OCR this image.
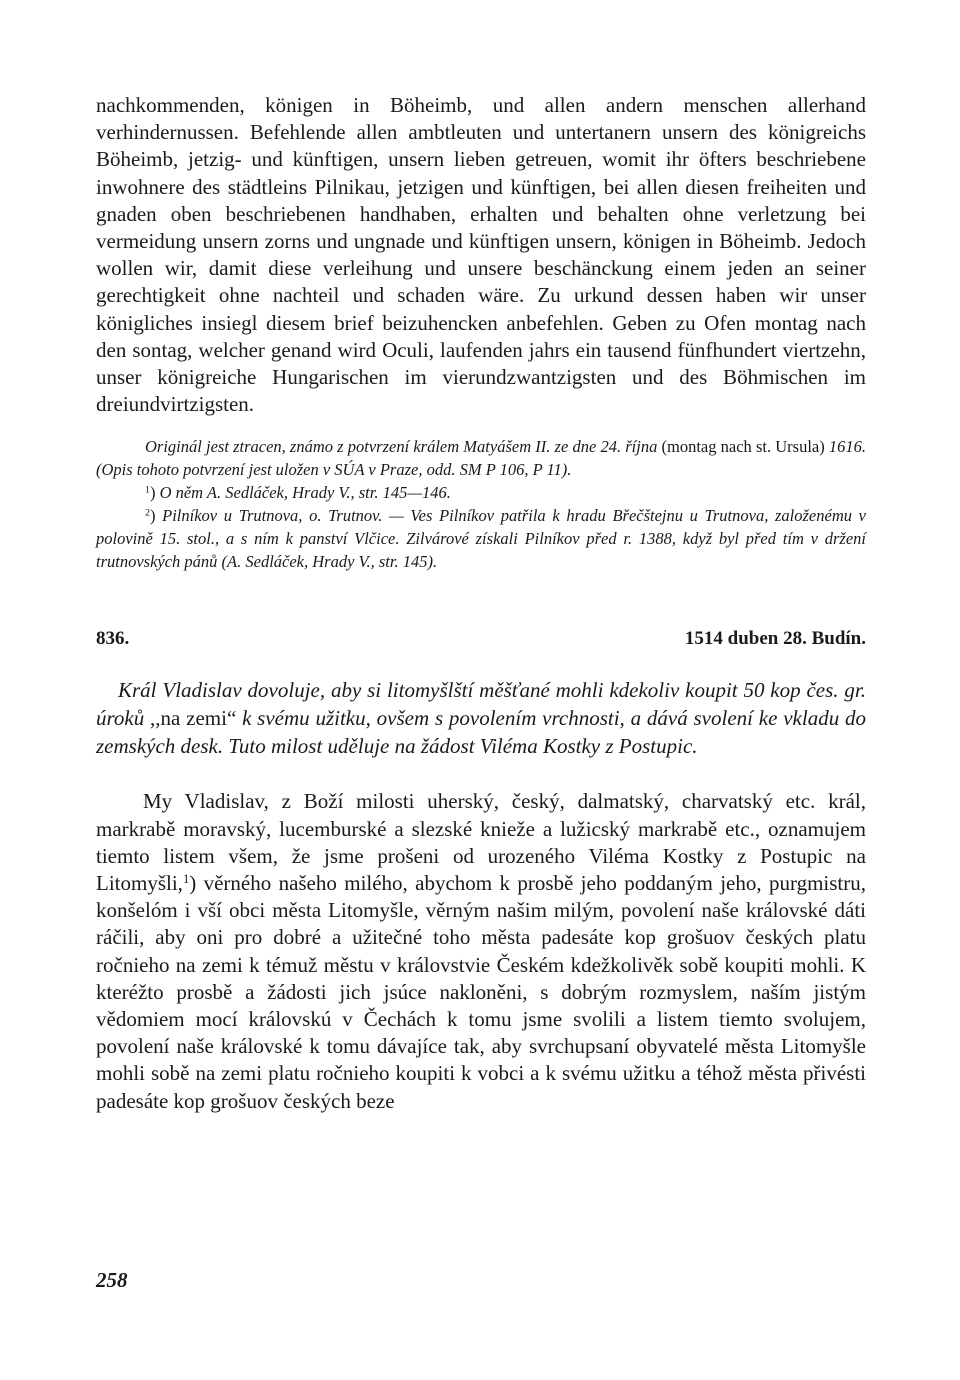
nachkommenden, königen in Böheimb, und allen andern menschen allerhand verhindernussen. Befehlende allen ambtleuten und untertanern unsern des königreichs Böheimb, jetzig- und künftigen, unsern lieben getreuen, womit ihr öfters beschriebene inwohnere des städtleins Pilnikau, jetzigen und künftigen, bei allen diesen freiheiten und gnaden oben beschriebenen handhaben, erhalten und behalten ohne verletzung bei vermeidung unsern zorns und ungnade und künftigen unsern, königen in Böheimb. Jedoch wollen wir, damit diese verleihung und unsere beschänckung einem jeden an seiner gerechtigkeit ohne nachteil und schaden wäre. Zu urkund dessen haben wir unser königliches insiegl diesem brief beizuhencken anbefehlen. Geben zu Ofen montag nach den sontag, welcher genand wird Oculi, laufenden jahrs ein tausend fünfhundert viertzehn, unser königreiche Hungarischen im vierundzwantzigsten und des Böhmischen im dreiundvirtzigsten.

Originál jest ztracen, známo z potvrzení králem Matyášem II. ze dne 24. října (montag nach st. Ursula) 1616. (Opis tohoto potvrzení jest uložen v SÚA v Praze, odd. SM P 106, P 11).

$^1$) O něm A. Sedláček, Hrady V., str. 145—146.

$^2$) Pilníkov u Trutnova, o. Trutnov. — Ves Pilníkov patřila k hradu Břečštejnu u Trutnova, založenému v polovině 15. stol., a s ním k panství Vlčice. Zilvárové získali Pilníkov před r. 1388, když byl před tím v držení trutnovských pánů (A. Sedláček, Hrady V., str. 145).

836.	1514 duben 28. Budín.

Král Vladislav dovoluje, aby si litomyšlští měšťané mohli kdekoliv koupit 50 kop čes. gr. úroků ,,na zemi“ k svému užitku, ovšem s povolením vrchnosti, a dává svolení ke vkladu do zemských desk. Tuto milost uděluje na žádost Viléma Kostky z Postupic.

My Vladislav, z Boží milosti uherský, český, dalmatský, charvatský etc. král, markrabě moravský, lucemburské a slezské knieže a lužicský markrabě etc., oznamujem tiemto listem všem, že jsme prošeni od urozeného Viléma Kostky z Postupic na Litomyšli,$^1$) věrného našeho milého, abychom k prosbě jeho poddaným jeho, purgmistru, konšelóm i vší obci města Litomyšle, věrným našim milým, povolení naše královské dáti ráčili, aby oni pro dobré a užitečné toho města padesáte kop grošuov českých platu ročnieho na zemi k témuž městu v královstvie Českém kdežkolivěk sobě koupiti mohli. K kteréžto prosbě a žádosti jich jsúce nakloněni, s dobrým rozmyslem, naším jistým vědomiem mocí královskú v Čechách k tomu jsme svolili a listem tiemto svolujem, povolení naše královské k tomu dávajíce tak, aby svrchupsaní obyvatelé města Litomyšle mohli sobě na zemi platu ročnieho koupiti k vobci a k svému užitku a téhož města přivésti padesáte kop grošuov českých beze

258
